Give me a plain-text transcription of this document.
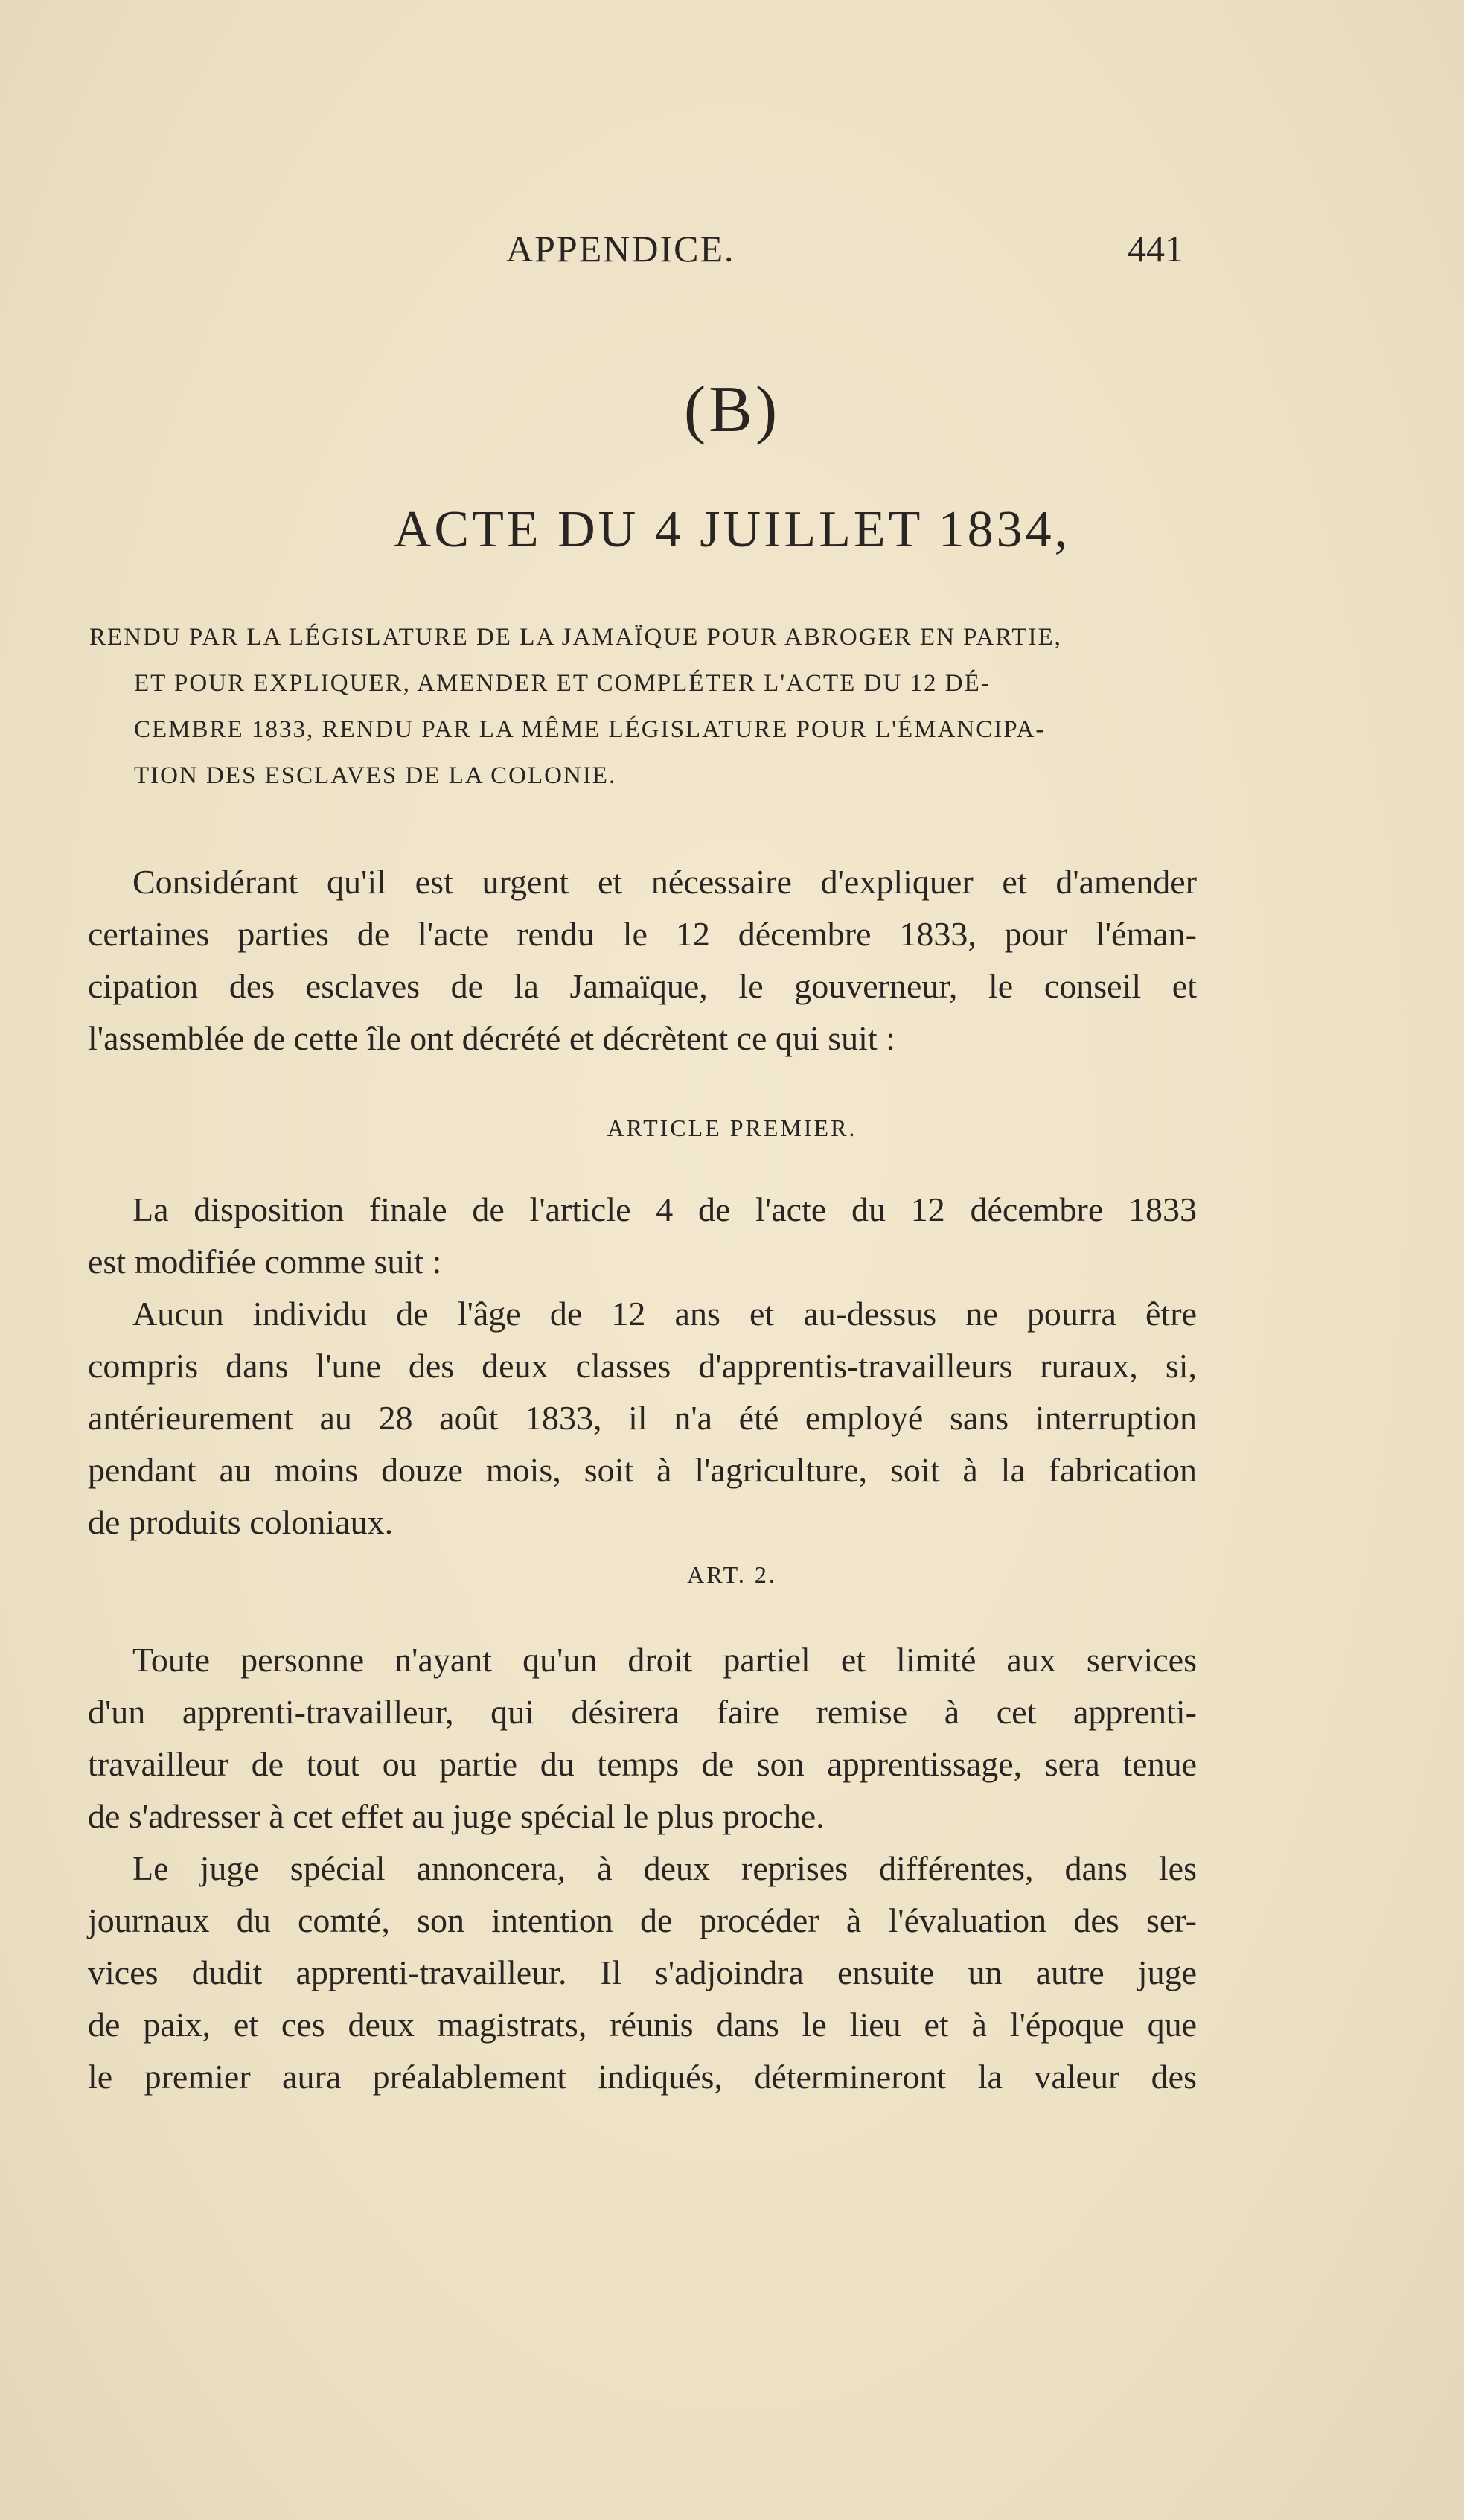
APPENDICE.	441
(B)
ACTE DU 4 JUILLET 1834,
RENDU PAR LA LÉGISLATURE DE LA JAMAÏQUE POUR ABROGER EN PARTIE,
ET POUR EXPLIQUER, AMENDER ET COMPLÉTER L'ACTE DU 12 DÉ-
CEMBRE 1833, RENDU PAR LA MÊME LÉGISLATURE POUR L'ÉMANCIPA-
TION DES ESCLAVES DE LA COLONIE.
Considérant qu'il est urgent et nécessaire d'expliquer et d'amender
certaines parties de l'acte rendu le 12 décembre 1833, pour l'éman-
cipation des esclaves de la Jamaïque, le gouverneur, le conseil et
l'assemblée de cette île ont décrété et décrètent ce qui suit :
ARTICLE PREMIER.
La disposition finale de l'article 4 de l'acte du 12 décembre 1833
est modifiée comme suit :
Aucun individu de l'âge de 12 ans et au-dessus ne pourra être
compris dans l'une des deux classes d'apprentis-travailleurs ruraux, si,
antérieurement au 28 août 1833, il n'a été employé sans interruption
pendant au moins douze mois, soit à l'agriculture, soit à la fabrication
de produits coloniaux.
ART. 2.
Toute personne n'ayant qu'un droit partiel et limité aux services
d'un apprenti-travailleur, qui désirera faire remise à cet apprenti-
travailleur de tout ou partie du temps de son apprentissage, sera tenue
de s'adresser à cet effet au juge spécial le plus proche.
Le juge spécial annoncera, à deux reprises différentes, dans les
journaux du comté, son intention de procéder à l'évaluation des ser-
vices dudit apprenti-travailleur. Il s'adjoindra ensuite un autre juge
de paix, et ces deux magistrats, réunis dans le lieu et à l'époque que
le premier aura préalablement indiqués, détermineront la valeur des
